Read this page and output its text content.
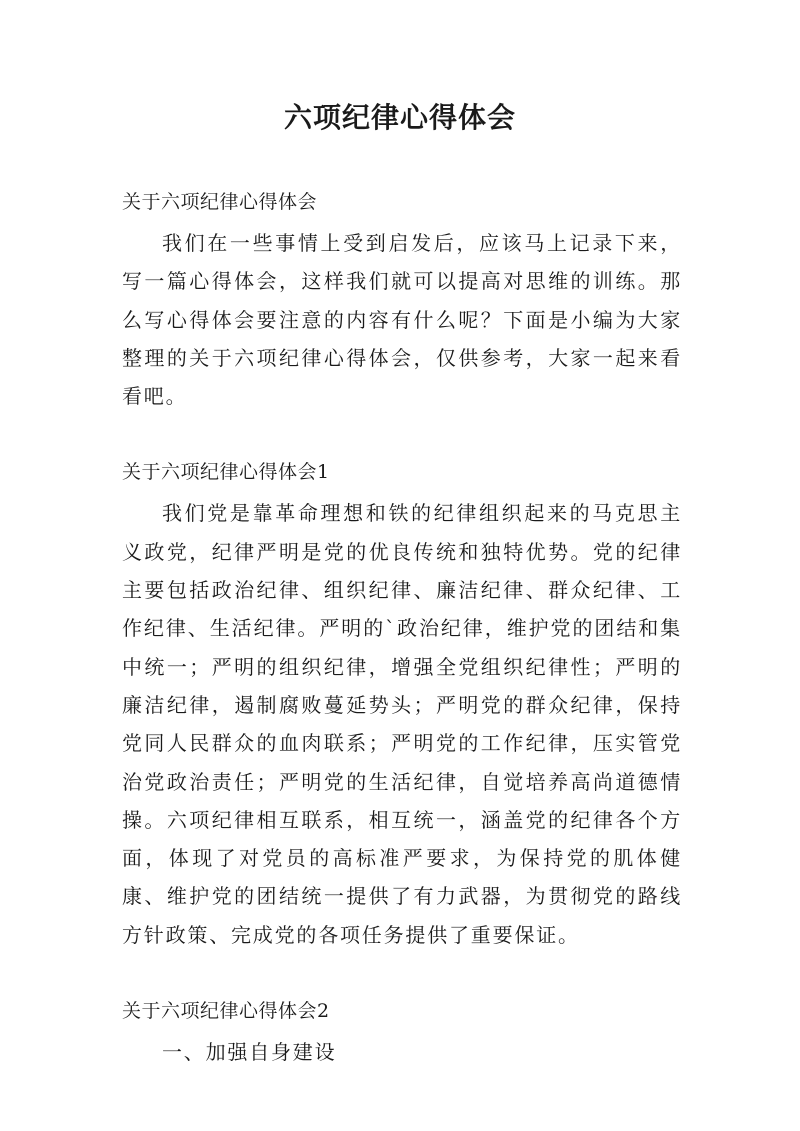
六项纪律心得体会

关于六项纪律心得体会

我们在一些事情上受到启发后，应该马上记录下来，写一篇心得体会，这样我们就可以提高对思维的训练。那么写心得体会要注意的内容有什么呢？下面是小编为大家整理的关于六项纪律心得体会，仅供参考，大家一起来看看吧。

关于六项纪律心得体会1

我们党是靠革命理想和铁的纪律组织起来的马克思主义政党，纪律严明是党的优良传统和独特优势。党的纪律主要包括政治纪律、组织纪律、廉洁纪律、群众纪律、工作纪律、生活纪律。严明的`政治纪律，维护党的团结和集中统一；严明的组织纪律，增强全党组织纪律性；严明的廉洁纪律，遏制腐败蔓延势头；严明党的群众纪律，保持党同人民群众的血肉联系；严明党的工作纪律，压实管党治党政治责任；严明党的生活纪律，自觉培养高尚道德情操。六项纪律相互联系，相互统一，涵盖党的纪律各个方面，体现了对党员的高标准严要求，为保持党的肌体健康、维护党的团结统一提供了有力武器，为贯彻党的路线方针政策、完成党的各项任务提供了重要保证。

关于六项纪律心得体会2

一、加强自身建设
